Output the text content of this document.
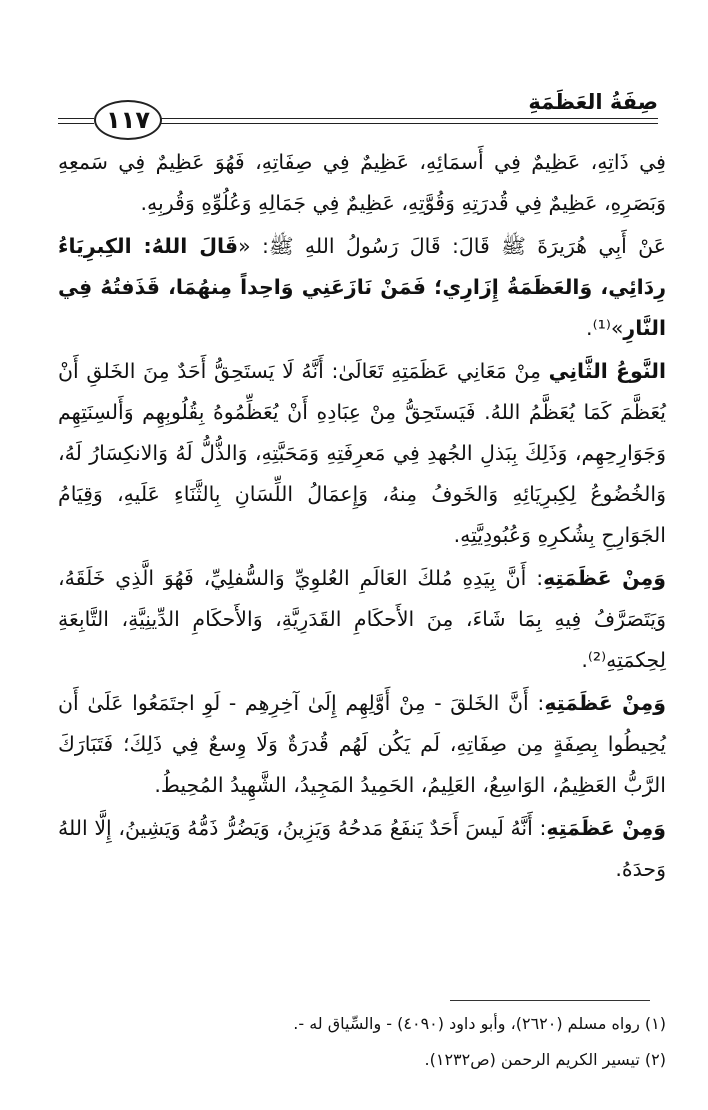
صِفَةُ العَظَمَةِ
١١٧

فِي ذَاتِهِ، عَظِيمٌ فِي أَسمَائِهِ، عَظِيمٌ فِي صِفَاتِهِ، فَهُوَ عَظِيمٌ فِي سَمعِهِ وَبَصَرِهِ، عَظِيمٌ فِي قُدرَتِهِ وَقُوَّتِهِ، عَظِيمٌ فِي جَمَالِهِ وَعُلُوِّهِ وَقُربِهِ.

عَنْ أَبِي هُرَيرَةَ ﷺ قَالَ: قَالَ رَسُولُ اللهِ ﷺ: «قَالَ اللهُ: الكِبرِيَاءُ رِدَائِي، وَالعَظَمَةُ إِزَارِي؛ فَمَنْ نَازَعَنِي وَاحِداً مِنهُمَا، قَذَفتُهُ فِي النَّارِ»⁽¹⁾.

النَّوعُ الثَّانِي مِنْ مَعَانِي عَظَمَتِهِ تَعَالَىٰ: أَنَّهُ لَا يَستَحِقُّ أَحَدٌ مِنَ الخَلقِ أَنْ يُعَظَّمَ كَمَا يُعَظَّمُ اللهُ. فَيَستَحِقُّ مِنْ عِبَادِهِ أَنْ يُعَظِّمُوهُ بِقُلُوبِهِم وَأَلسِنَتِهِم وَجَوَارِحِهِم، وَذَلِكَ بِبَذلِ الجُهدِ فِي مَعرِفَتِهِ وَمَحَبَّتِهِ، وَالذُّلُّ لَهُ وَالانكِسَارُ لَهُ، وَالخُضُوعُ لِكِبرِيَائِهِ وَالخَوفُ مِنهُ، وَإِعمَالُ اللِّسَانِ بِالثَّنَاءِ عَلَيهِ، وَقِيَامُ الجَوَارِحِ بِشُكرِهِ وَعُبُودِيَّتِهِ.

وَمِنْ عَظَمَتِهِ: أَنَّ بِيَدِهِ مُلكَ العَالَمِ العُلوِيِّ وَالسُّفلِيِّ، فَهُوَ الَّذِي خَلَقَهُ، وَيَتَصَرَّفُ فِيهِ بِمَا شَاءَ، مِنَ الأَحكَامِ القَدَرِيَّةِ، وَالأَحكَامِ الدِّينِيَّةِ، التَّابِعَةِ لِحِكمَتِهِ⁽²⁾.

وَمِنْ عَظَمَتِهِ: أَنَّ الخَلقَ - مِنْ أَوَّلِهِم إِلَىٰ آخِرِهِم - لَوِ اجتَمَعُوا عَلَىٰ أَن يُحِيطُوا بِصِفَةٍ مِن صِفَاتِهِ، لَم يَكُن لَهُم قُدرَةٌ وَلَا وِسعٌ فِي ذَلِكَ؛ فَتَبَارَكَ الرَّبُّ العَظِيمُ، الوَاسِعُ، العَلِيمُ، الحَمِيدُ المَجِيدُ، الشَّهِيدُ المُحِيطُ.

وَمِنْ عَظَمَتِهِ: أَنَّهُ لَيسَ أَحَدٌ يَنفَعُ مَدحُهُ وَيَزِينُ، وَيَضُرُّ ذَمُّهُ وَيَشِينُ، إِلَّا اللهُ وَحدَهُ.

(١) رواه مسلم (٢٦٢٠)، وأبو داود (٤٠٩٠) - والسِّياق له -.
(٢) تيسير الكريم الرحمن (ص١٢٣٢).
